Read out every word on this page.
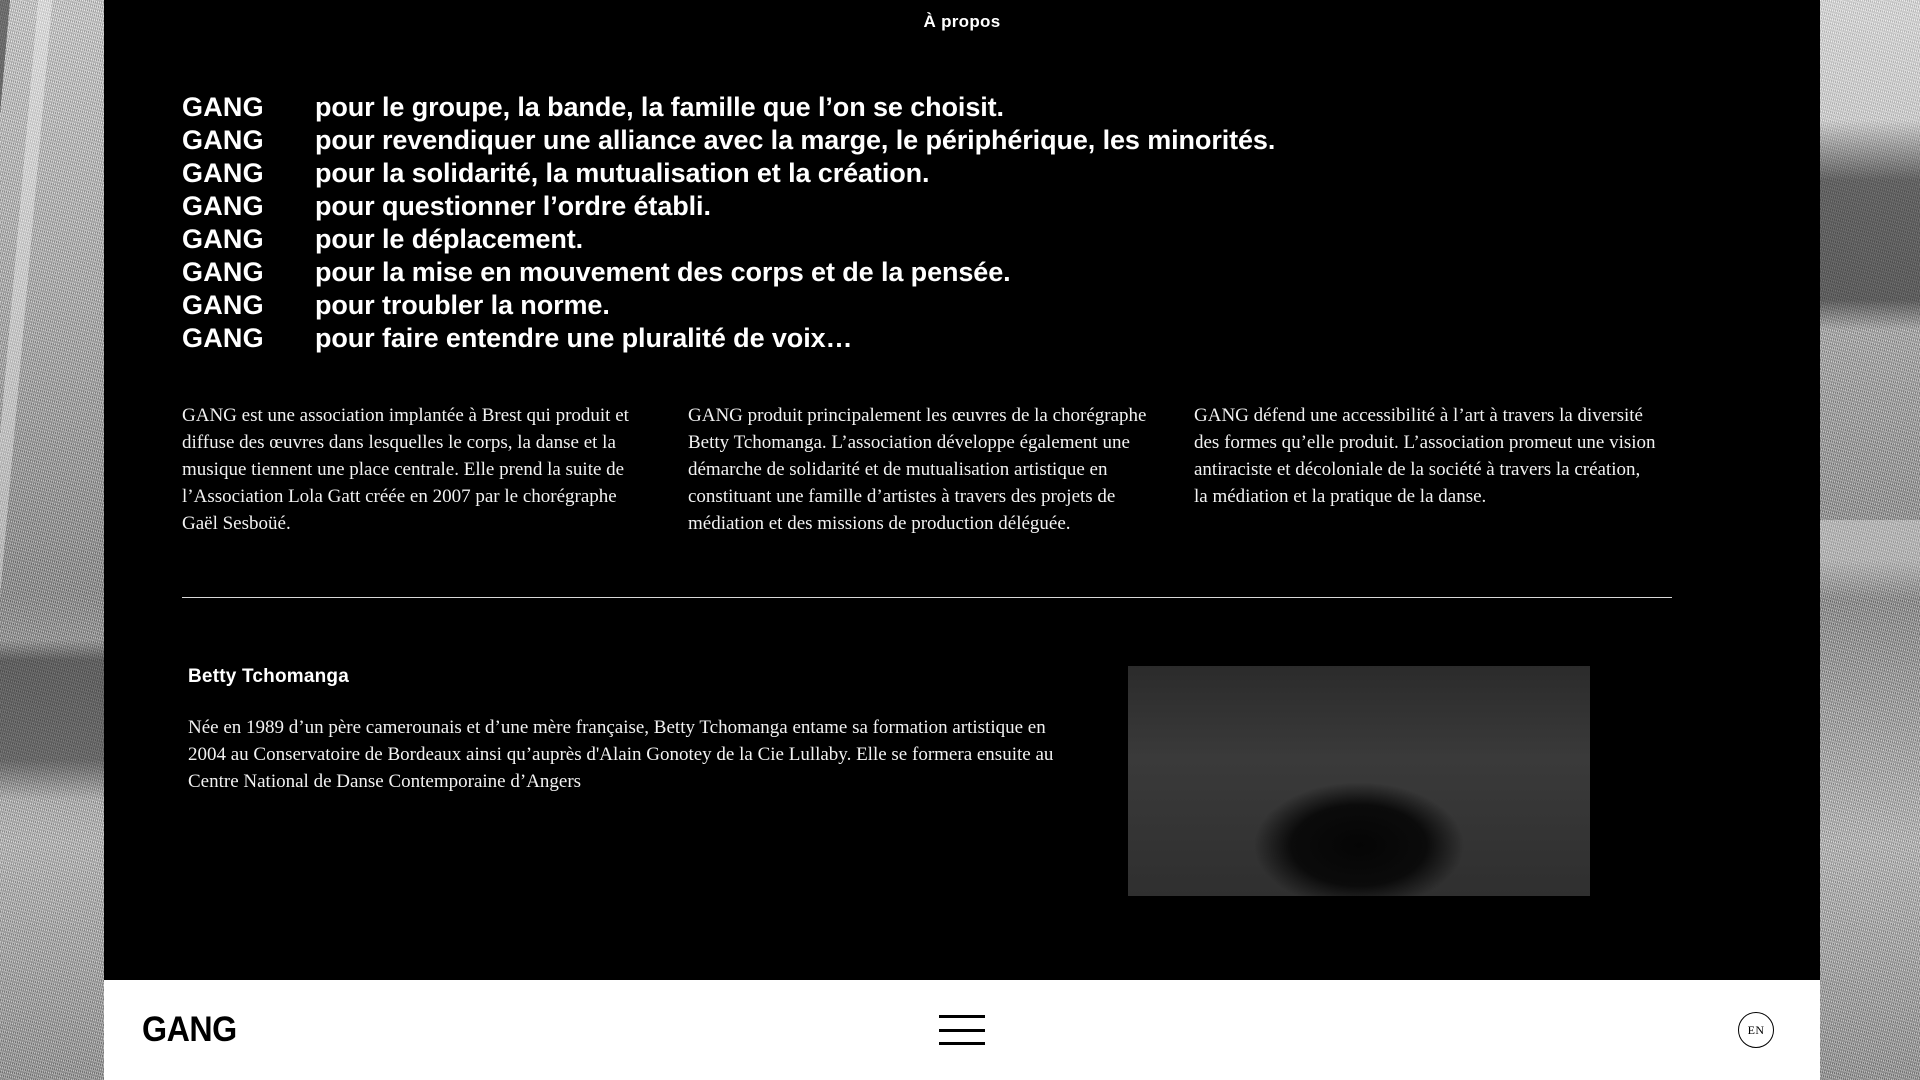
À propos
GANG	pour le groupe, la bande, la famille que l’on se choisit.
GANG	pour revendiquer une alliance avec la marge, le périphérique, les minorités.
GANG	pour la solidarité, la mutualisation et la création.
GANG	pour questionner l’ordre établi.
GANG	pour le déplacement.
GANG	pour la mise en mouvement des corps et de la pensée.
GANG	pour troubler la norme.
GANG	pour faire entendre une pluralité de voix…
GANG est une association implantée à Brest qui produit et diffuse des œuvres dans lesquelles le corps, la danse et la musique tiennent une place centrale. Elle prend la suite de l’Association Lola Gatt créée en 2007 par le chorégraphe Gaël Sesboüé.
GANG produit principalement les œuvres de la chorégraphe Betty Tchomanga. L’association développe également une démarche de solidarité et de mutualisation artistique en constituant une famille d’artistes à travers des projets de médiation et des missions de production déléguée.
GANG défend une accessibilité à l’art à travers la diversité des formes qu’elle produit. L’association promeut une vision antiraciste et décoloniale de la société à travers la création, la médiation et la pratique de la danse.
Betty Tchomanga
Née en 1989 d’un père camerounais et d’une mère française, Betty Tchomanga entame sa formation artistique en 2004 au Conservatoire de Bordeaux ainsi qu’auprès d'Alain Gonotey de la Cie Lullaby. Elle se formera ensuite au Centre National de Danse Contemporaine d’Angers
GANG	EN
